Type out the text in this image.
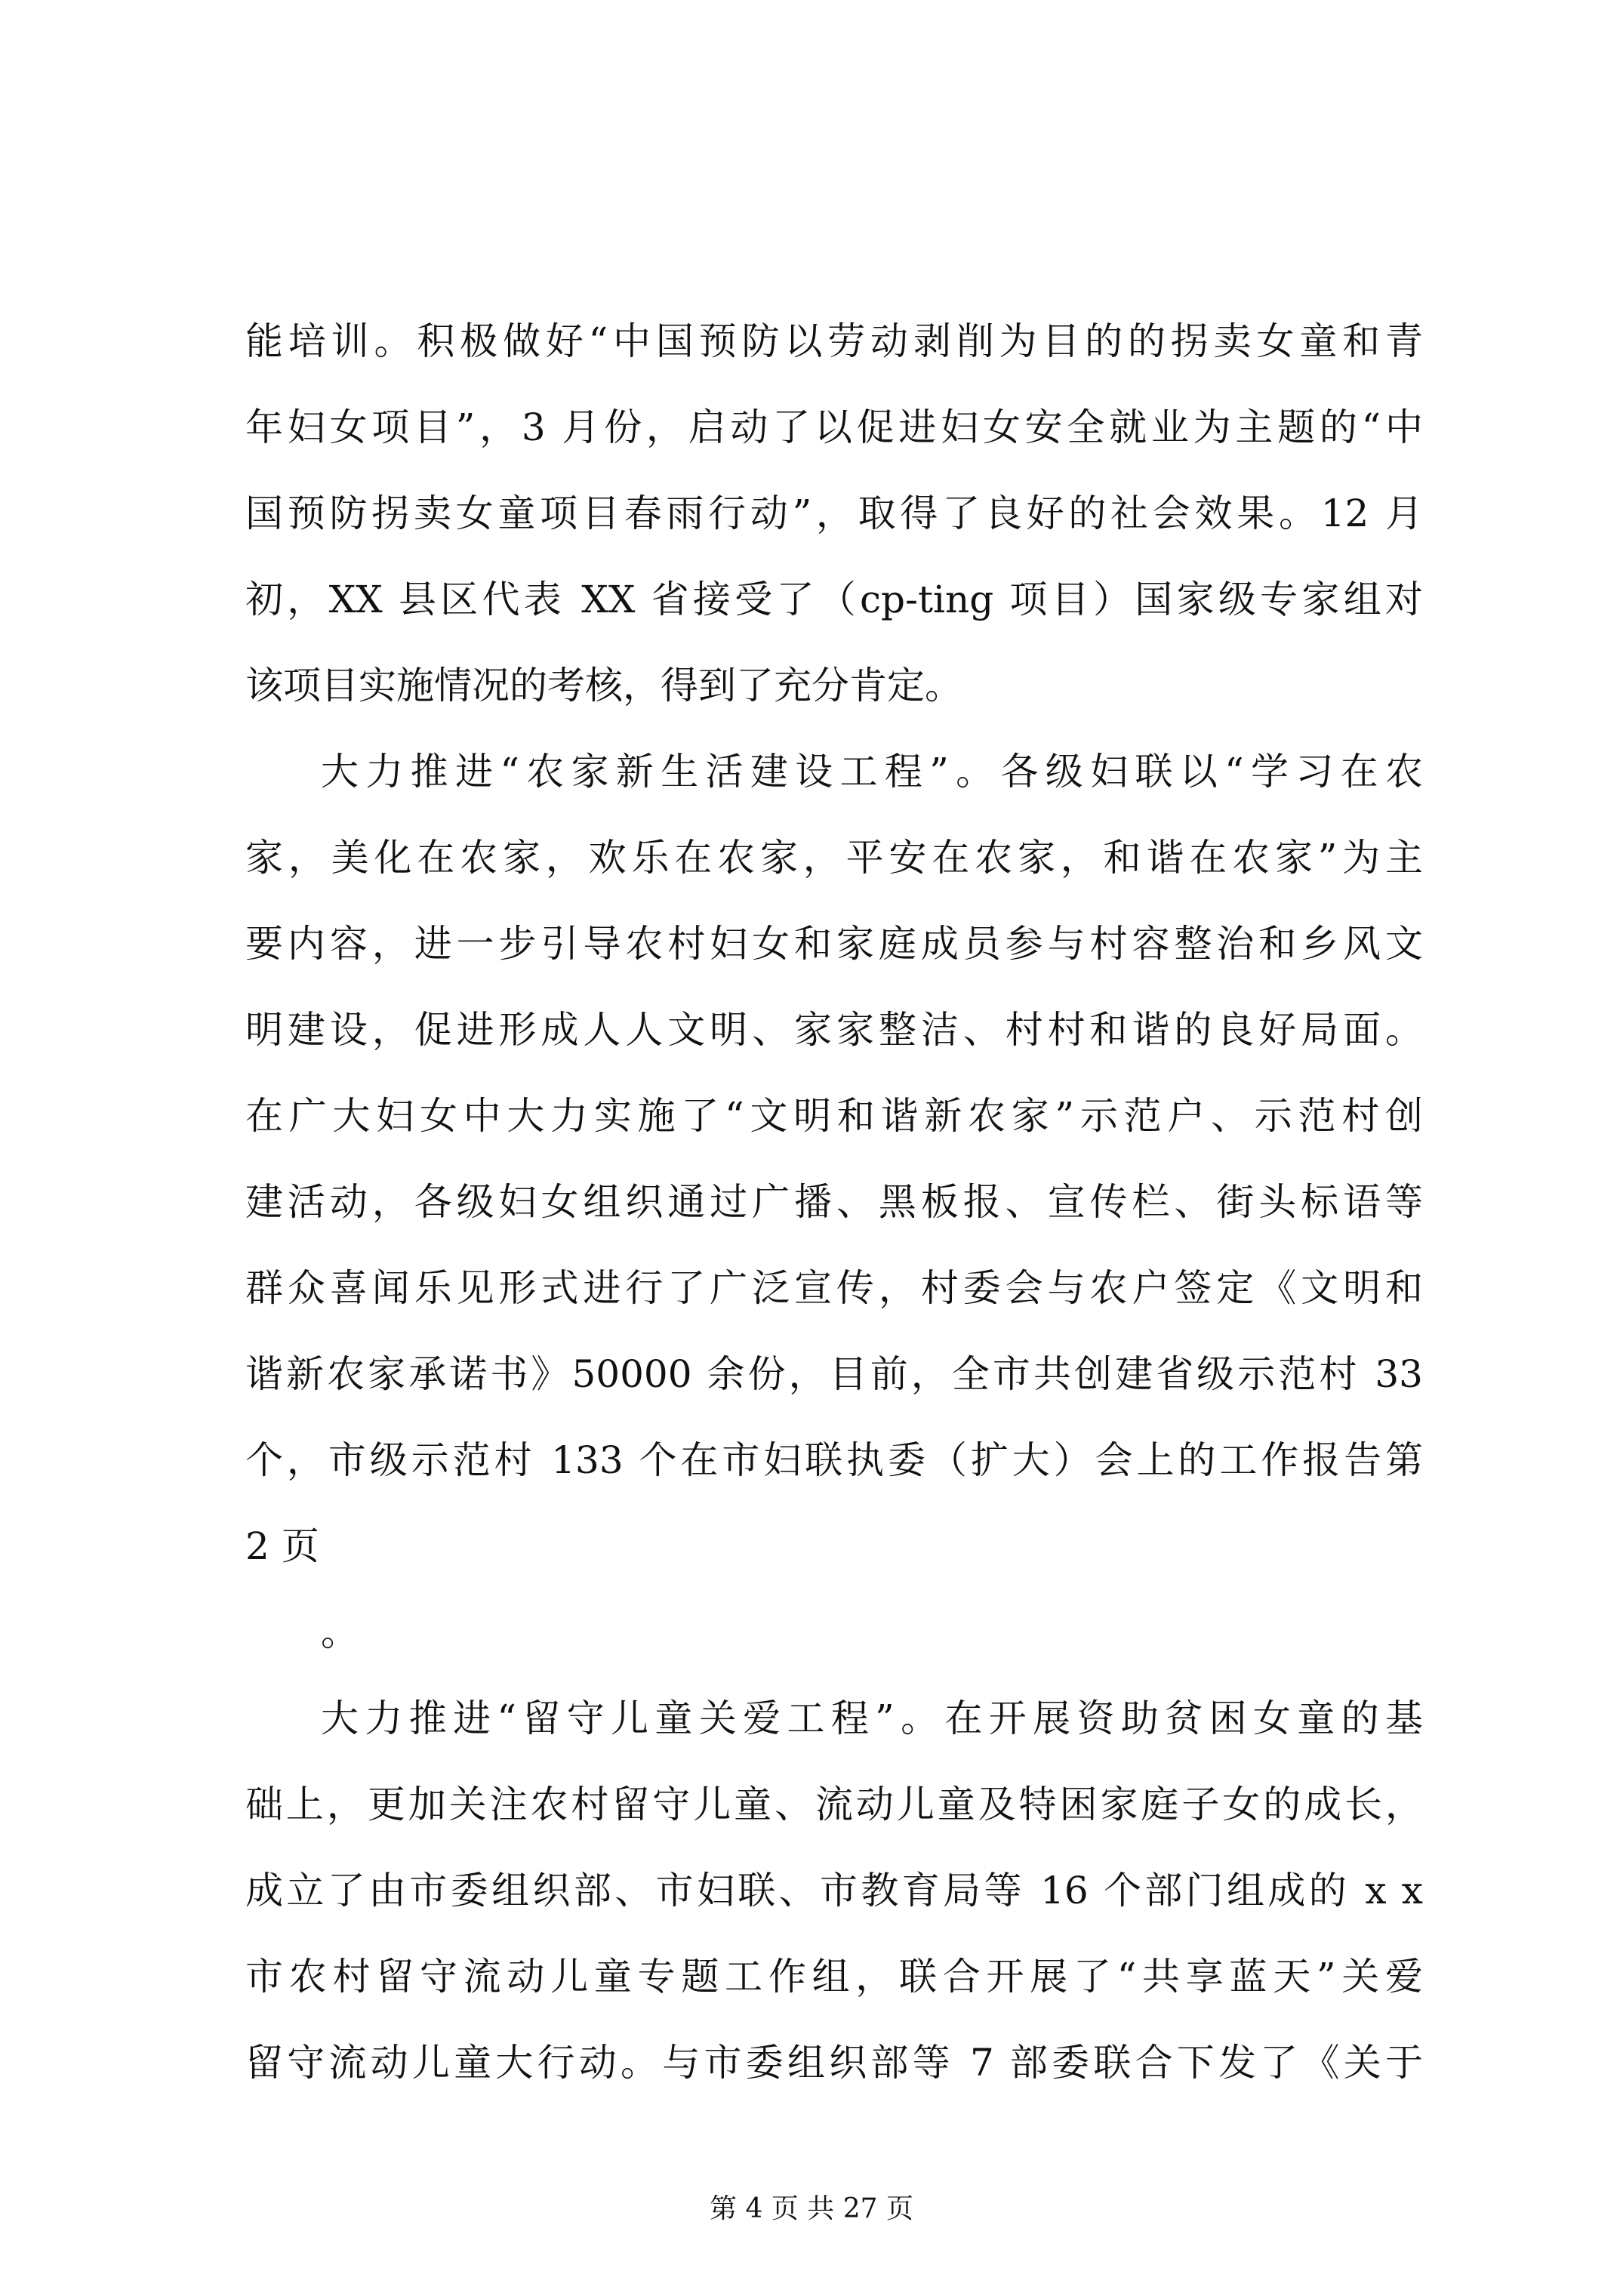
能培训。积极做好“中国预防以劳动剥削为目的的拐卖女童和青
年妇女项目”，3 月份，启动了以促进妇女安全就业为主题的“中
国预防拐卖女童项目春雨行动”，取得了良好的社会效果。12 月
初，XX 县区代表 XX 省接受了（cp-ting 项目）国家级专家组对
该项目实施情况的考核，得到了充分肯定。
大力推进“农家新生活建设工程”。各级妇联以“学习在农
家，美化在农家，欢乐在农家，平安在农家，和谐在农家”为主
要内容，进一步引导农村妇女和家庭成员参与村容整治和乡风文
明建设，促进形成人人文明、家家整洁、村村和谐的良好局面。
在广大妇女中大力实施了“文明和谐新农家”示范户、示范村创
建活动，各级妇女组织通过广播、黑板报、宣传栏、街头标语等
群众喜闻乐见形式进行了广泛宣传，村委会与农户签定《文明和
谐新农家承诺书》50000 余份，目前，全市共创建省级示范村 33
个，市级示范村 133 个在市妇联执委（扩大）会上的工作报告第
2 页
。
大力推进“留守儿童关爱工程”。在开展资助贫困女童的基
础上，更加关注农村留守儿童、流动儿童及特困家庭子女的成长，
成立了由市委组织部、市妇联、市教育局等 16 个部门组成的 x x
市农村留守流动儿童专题工作组，联合开展了“共享蓝天”关爱
留守流动儿童大行动。与市委组织部等 7 部委联合下发了《关于
第 4 页 共 27 页
